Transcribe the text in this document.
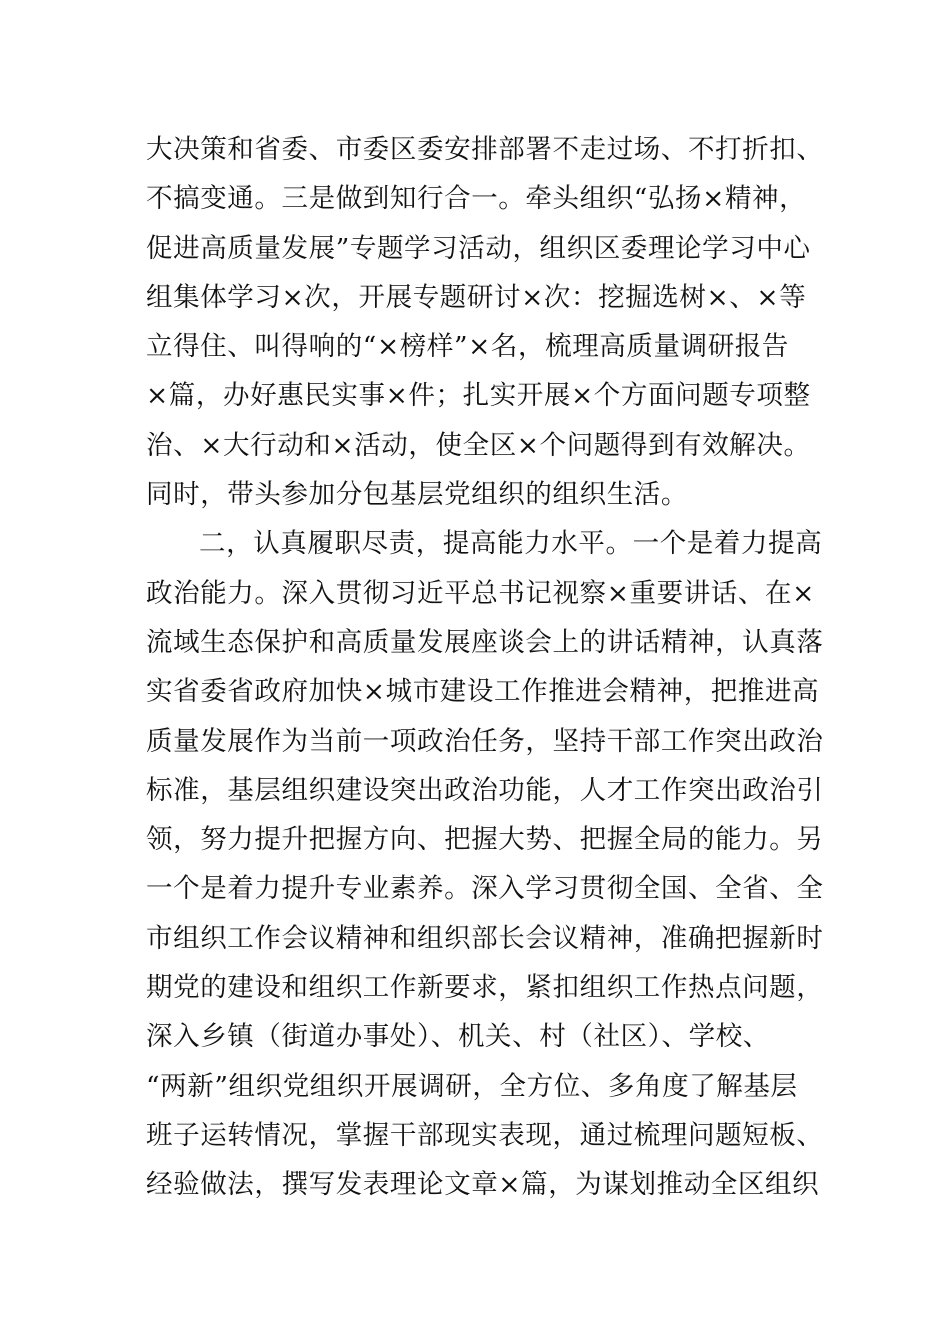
大决策和省委、市委区委安排部署不走过场、不打折扣、
不搞变通。三是做到知行合一。牵头组织“弘扬×精神，
促进高质量发展”专题学习活动，组织区委理论学习中心
组集体学习×次，开展专题研讨×次：挖掘选树×、×等
立得住、叫得响的“×榜样”×名，梳理高质量调研报告
×篇，办好惠民实事×件；扎实开展×个方面问题专项整
治、×大行动和×活动，使全区×个问题得到有效解决。
同时，带头参加分包基层党组织的组织生活。
二，认真履职尽责，提高能力水平。一个是着力提高
政治能力。深入贯彻习近平总书记视察×重要讲话、在×
流域生态保护和高质量发展座谈会上的讲话精神，认真落
实省委省政府加快×城市建设工作推进会精神，把推进高
质量发展作为当前一项政治任务，坚持干部工作突出政治
标准，基层组织建设突出政治功能，人才工作突出政治引
领，努力提升把握方向、把握大势、把握全局的能力。另
一个是着力提升专业素养。深入学习贯彻全国、全省、全
市组织工作会议精神和组织部长会议精神，准确把握新时
期党的建设和组织工作新要求，紧扣组织工作热点问题，
深入乡镇（街道办事处）、机关、村（社区）、学校、
“两新”组织党组织开展调研，全方位、多角度了解基层
班子运转情况，掌握干部现实表现，通过梳理问题短板、
经验做法，撰写发表理论文章×篇，为谋划推动全区组织
